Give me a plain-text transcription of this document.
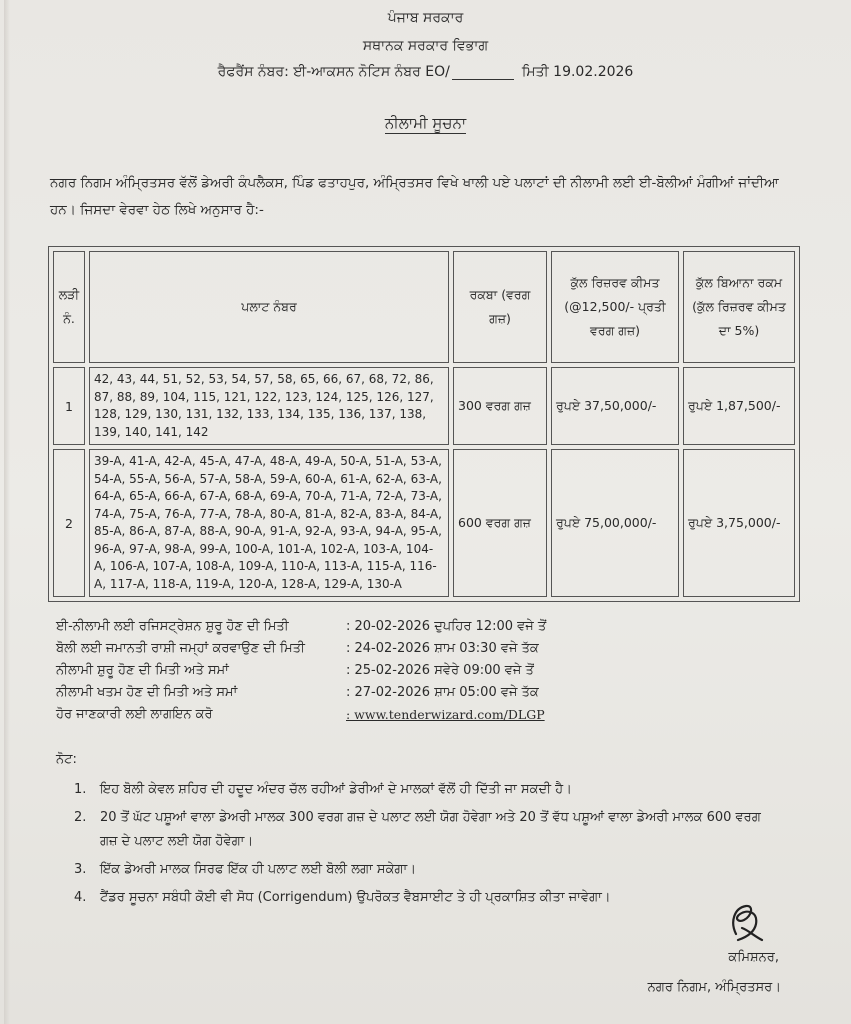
ਪੰਜਾਬ ਸਰਕਾਰ
ਸਥਾਨਕ ਸਰਕਾਰ ਵਿਭਾਗ
ਰੈਫਰੈਂਸ ਨੰਬਰ: ਈ-ਆਕਸਨ ਨੋਟਿਸ ਨੰਬਰ EO/	ਮਿਤੀ 19.02.2026
ਨੀਲਾਮੀ ਸੂਚਨਾ
ਨਗਰ ਨਿਗਮ ਅੰਮ੍ਰਿਤਸਰ ਵੱਲੋਂ ਡੇਅਰੀ ਕੰਪਲੈਕਸ, ਪਿੰਡ ਫਤਾਹਪੁਰ, ਅੰਮ੍ਰਿਤਸਰ ਵਿਖੇ ਖਾਲੀ ਪਏ ਪਲਾਟਾਂ ਦੀ ਨੀਲਾਮੀ ਲਈ ਈ-ਬੋਲੀਆਂ ਮੰਗੀਆਂ ਜਾਂਦੀਆ ਹਨ। ਜਿਸਦਾ ਵੇਰਵਾ ਹੇਠ ਲਿਖੇ ਅਨੁਸਾਰ ਹੈ:-
ਲੜੀ ਨੰ.	ਪਲਾਟ ਨੰਬਰ	ਰਕਬਾ (ਵਰਗ ਗਜ਼)	ਕੁੱਲ ਰਿਜ਼ਰਵ ਕੀਮਤ (@12,500/- ਪ੍ਰਤੀ ਵਰਗ ਗਜ਼)	ਕੁੱਲ ਬਿਆਨਾ ਰਕਮ (ਕੁੱਲ ਰਿਜ਼ਰਵ ਕੀਮਤ ਦਾ 5%)
1	42, 43, 44, 51, 52, 53, 54, 57, 58, 65, 66, 67, 68, 72, 86, 87, 88, 89, 104, 115, 121, 122, 123, 124, 125, 126, 127, 128, 129, 130, 131, 132, 133, 134, 135, 136, 137, 138, 139, 140, 141, 142	300 ਵਰਗ ਗਜ਼	ਰੁਪਏ 37,50,000/-	ਰੁਪਏ 1,87,500/-
2	39-A, 41-A, 42-A, 45-A, 47-A, 48-A, 49-A, 50-A, 51-A, 53-A, 54-A, 55-A, 56-A, 57-A, 58-A, 59-A, 60-A, 61-A, 62-A, 63-A, 64-A, 65-A, 66-A, 67-A, 68-A, 69-A, 70-A, 71-A, 72-A, 73-A, 74-A, 75-A, 76-A, 77-A, 78-A, 80-A, 81-A, 82-A, 83-A, 84-A, 85-A, 86-A, 87-A, 88-A, 90-A, 91-A, 92-A, 93-A, 94-A, 95-A, 96-A, 97-A, 98-A, 99-A, 100-A, 101-A, 102-A, 103-A, 104-A, 106-A, 107-A, 108-A, 109-A, 110-A, 113-A, 115-A, 116-A, 117-A, 118-A, 119-A, 120-A, 128-A, 129-A, 130-A	600 ਵਰਗ ਗਜ਼	ਰੁਪਏ 75,00,000/-	ਰੁਪਏ 3,75,000/-
ਈ-ਨੀਲਾਮੀ ਲਈ ਰਜਿਸਟ੍ਰੇਸ਼ਨ ਸ਼ੁਰੂ ਹੋਣ ਦੀ ਮਿਤੀ	: 20-02-2026 ਦੁਪਹਿਰ 12:00 ਵਜੇ ਤੋਂ
ਬੋਲੀ ਲਈ ਜਮਾਨਤੀ ਰਾਸ਼ੀ ਜਮ੍ਹਾਂ ਕਰਵਾਉਣ ਦੀ ਮਿਤੀ	: 24-02-2026 ਸ਼ਾਮ 03:30 ਵਜੇ ਤੱਕ
ਨੀਲਾਮੀ ਸ਼ੁਰੂ ਹੋਣ ਦੀ ਮਿਤੀ ਅਤੇ ਸਮਾਂ	: 25-02-2026 ਸਵੇਰੇ 09:00 ਵਜੇ ਤੋਂ
ਨੀਲਾਮੀ ਖਤਮ ਹੋਣ ਦੀ ਮਿਤੀ ਅਤੇ ਸਮਾਂ	: 27-02-2026 ਸ਼ਾਮ 05:00 ਵਜੇ ਤੱਕ
ਹੋਰ ਜਾਣਕਾਰੀ ਲਈ ਲਾਗਇਨ ਕਰੋ	: www.tenderwizard.com/DLGP
ਨੋਟ:
1. ਇਹ ਬੋਲੀ ਕੇਵਲ ਸ਼ਹਿਰ ਦੀ ਹਦੂਦ ਅੰਦਰ ਚੱਲ ਰਹੀਆਂ ਡੇਰੀਆਂ ਦੇ ਮਾਲਕਾਂ ਵੱਲੋਂ ਹੀ ਦਿੱਤੀ ਜਾ ਸਕਦੀ ਹੈ।
2. 20 ਤੋਂ ਘੱਟ ਪਸ਼ੂਆਂ ਵਾਲਾ ਡੇਅਰੀ ਮਾਲਕ 300 ਵਰਗ ਗਜ਼ ਦੇ ਪਲਾਟ ਲਈ ਯੋਗ ਹੋਵੇਗਾ ਅਤੇ 20 ਤੋਂ ਵੱਧ ਪਸ਼ੂਆਂ ਵਾਲਾ ਡੇਅਰੀ ਮਾਲਕ 600 ਵਰਗ ਗਜ਼ ਦੇ ਪਲਾਟ ਲਈ ਯੋਗ ਹੋਵੇਗਾ।
3. ਇੱਕ ਡੇਅਰੀ ਮਾਲਕ ਸਿਰਫ ਇੱਕ ਹੀ ਪਲਾਟ ਲਈ ਬੋਲੀ ਲਗਾ ਸਕੇਗਾ।
4. ਟੈਂਡਰ ਸੂਚਨਾ ਸਬੰਧੀ ਕੋਈ ਵੀ ਸੋਧ (Corrigendum) ਉਪਰੋਕਤ ਵੈਬਸਾਈਟ ਤੇ ਹੀ ਪ੍ਰਕਾਸ਼ਿਤ ਕੀਤਾ ਜਾਵੇਗਾ।
ਕਮਿਸ਼ਨਰ,
ਨਗਰ ਨਿਗਮ, ਅੰਮ੍ਰਿਤਸਰ।
